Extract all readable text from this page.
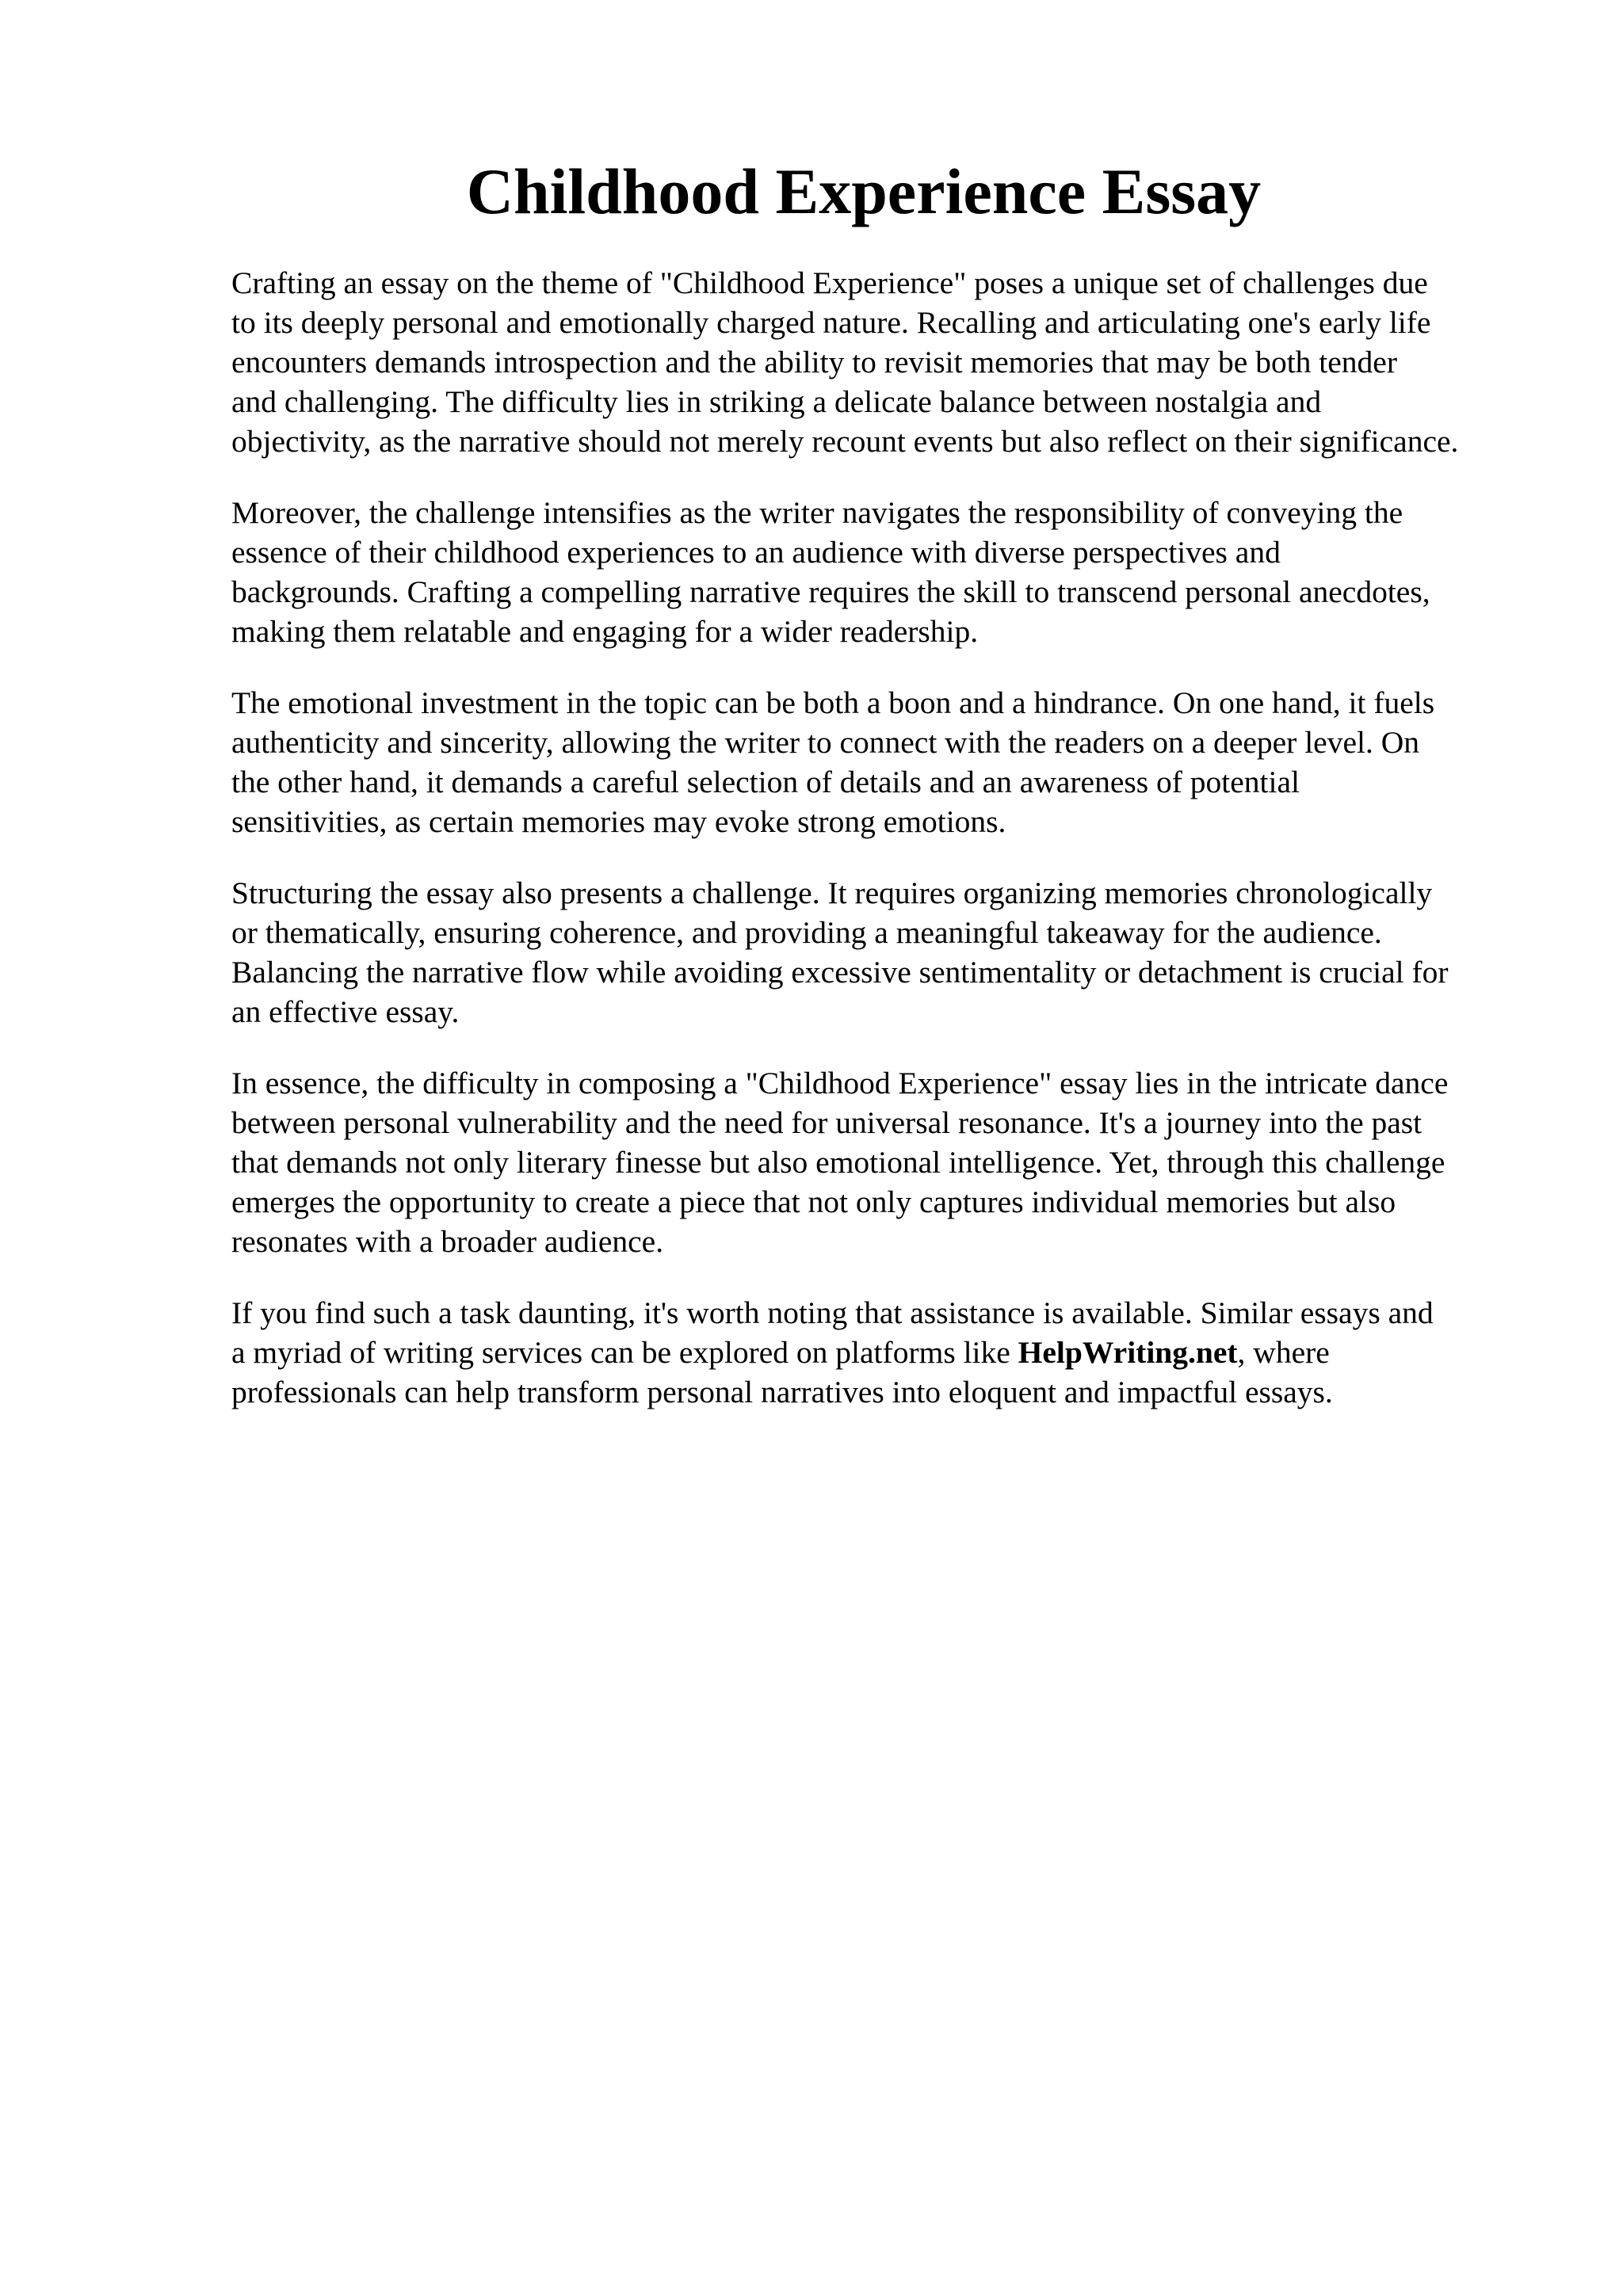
Childhood Experience Essay

Crafting an essay on the theme of "Childhood Experience" poses a unique set of challenges due
to its deeply personal and emotionally charged nature. Recalling and articulating one's early life
encounters demands introspection and the ability to revisit memories that may be both tender
and challenging. The difficulty lies in striking a delicate balance between nostalgia and
objectivity, as the narrative should not merely recount events but also reflect on their significance.

Moreover, the challenge intensifies as the writer navigates the responsibility of conveying the
essence of their childhood experiences to an audience with diverse perspectives and
backgrounds. Crafting a compelling narrative requires the skill to transcend personal anecdotes,
making them relatable and engaging for a wider readership.

The emotional investment in the topic can be both a boon and a hindrance. On one hand, it fuels
authenticity and sincerity, allowing the writer to connect with the readers on a deeper level. On
the other hand, it demands a careful selection of details and an awareness of potential
sensitivities, as certain memories may evoke strong emotions.

Structuring the essay also presents a challenge. It requires organizing memories chronologically
or thematically, ensuring coherence, and providing a meaningful takeaway for the audience.
Balancing the narrative flow while avoiding excessive sentimentality or detachment is crucial for
an effective essay.

In essence, the difficulty in composing a "Childhood Experience" essay lies in the intricate dance
between personal vulnerability and the need for universal resonance. It's a journey into the past
that demands not only literary finesse but also emotional intelligence. Yet, through this challenge
emerges the opportunity to create a piece that not only captures individual memories but also
resonates with a broader audience.

If you find such a task daunting, it's worth noting that assistance is available. Similar essays and
a myriad of writing services can be explored on platforms like HelpWriting.net, where
professionals can help transform personal narratives into eloquent and impactful essays.
